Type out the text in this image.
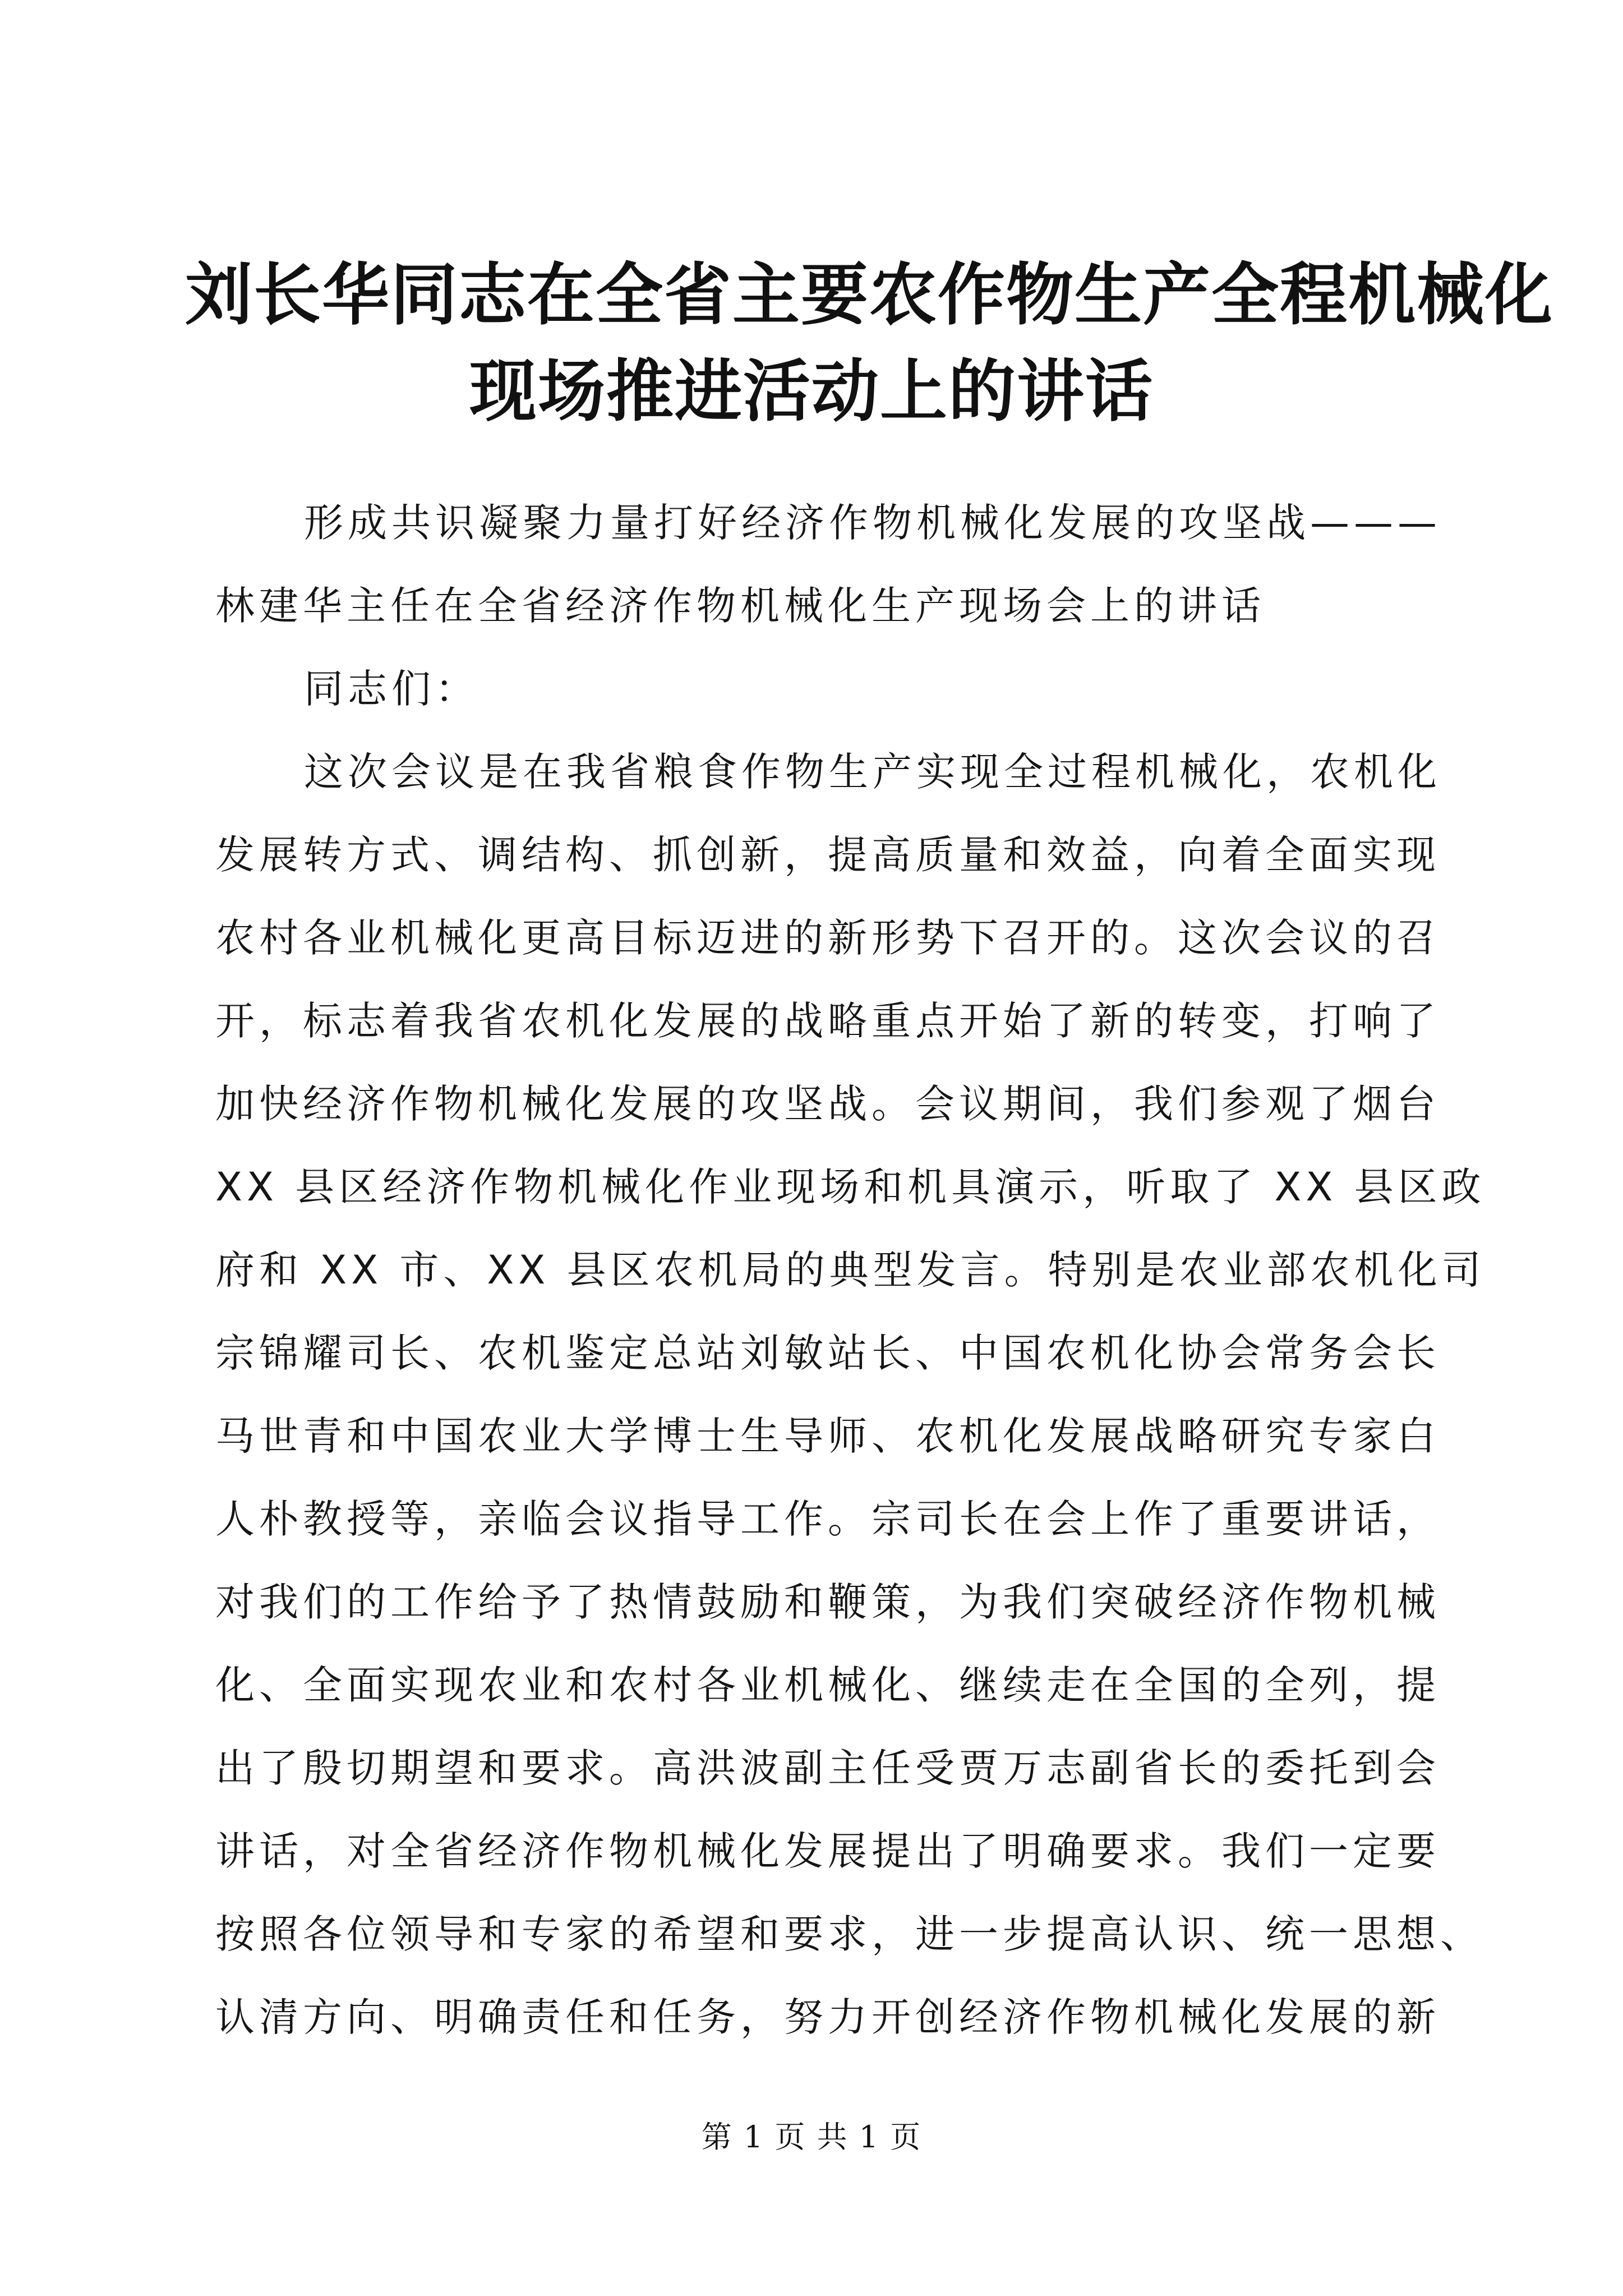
刘长华同志在全省主要农作物生产全程机械化
现场推进活动上的讲话
形成共识凝聚力量打好经济作物机械化发展的攻坚战———
林建华主任在全省经济作物机械化生产现场会上的讲话
同志们：
这次会议是在我省粮食作物生产实现全过程机械化，农机化
发展转方式、调结构、抓创新，提高质量和效益，向着全面实现
农村各业机械化更高目标迈进的新形势下召开的。这次会议的召
开，标志着我省农机化发展的战略重点开始了新的转变，打响了
加快经济作物机械化发展的攻坚战。会议期间，我们参观了烟台
XX 县区经济作物机械化作业现场和机具演示，听取了 XX 县区政
府和 XX 市、XX 县区农机局的典型发言。特别是农业部农机化司
宗锦耀司长、农机鉴定总站刘敏站长、中国农机化协会常务会长
马世青和中国农业大学博士生导师、农机化发展战略研究专家白
人朴教授等，亲临会议指导工作。宗司长在会上作了重要讲话，
对我们的工作给予了热情鼓励和鞭策，为我们突破经济作物机械
化、全面实现农业和农村各业机械化、继续走在全国的全列，提
出了殷切期望和要求。高洪波副主任受贾万志副省长的委托到会
讲话，对全省经济作物机械化发展提出了明确要求。我们一定要
按照各位领导和专家的希望和要求，进一步提高认识、统一思想、
认清方向、明确责任和任务，努力开创经济作物机械化发展的新
第 1 页 共 1 页
